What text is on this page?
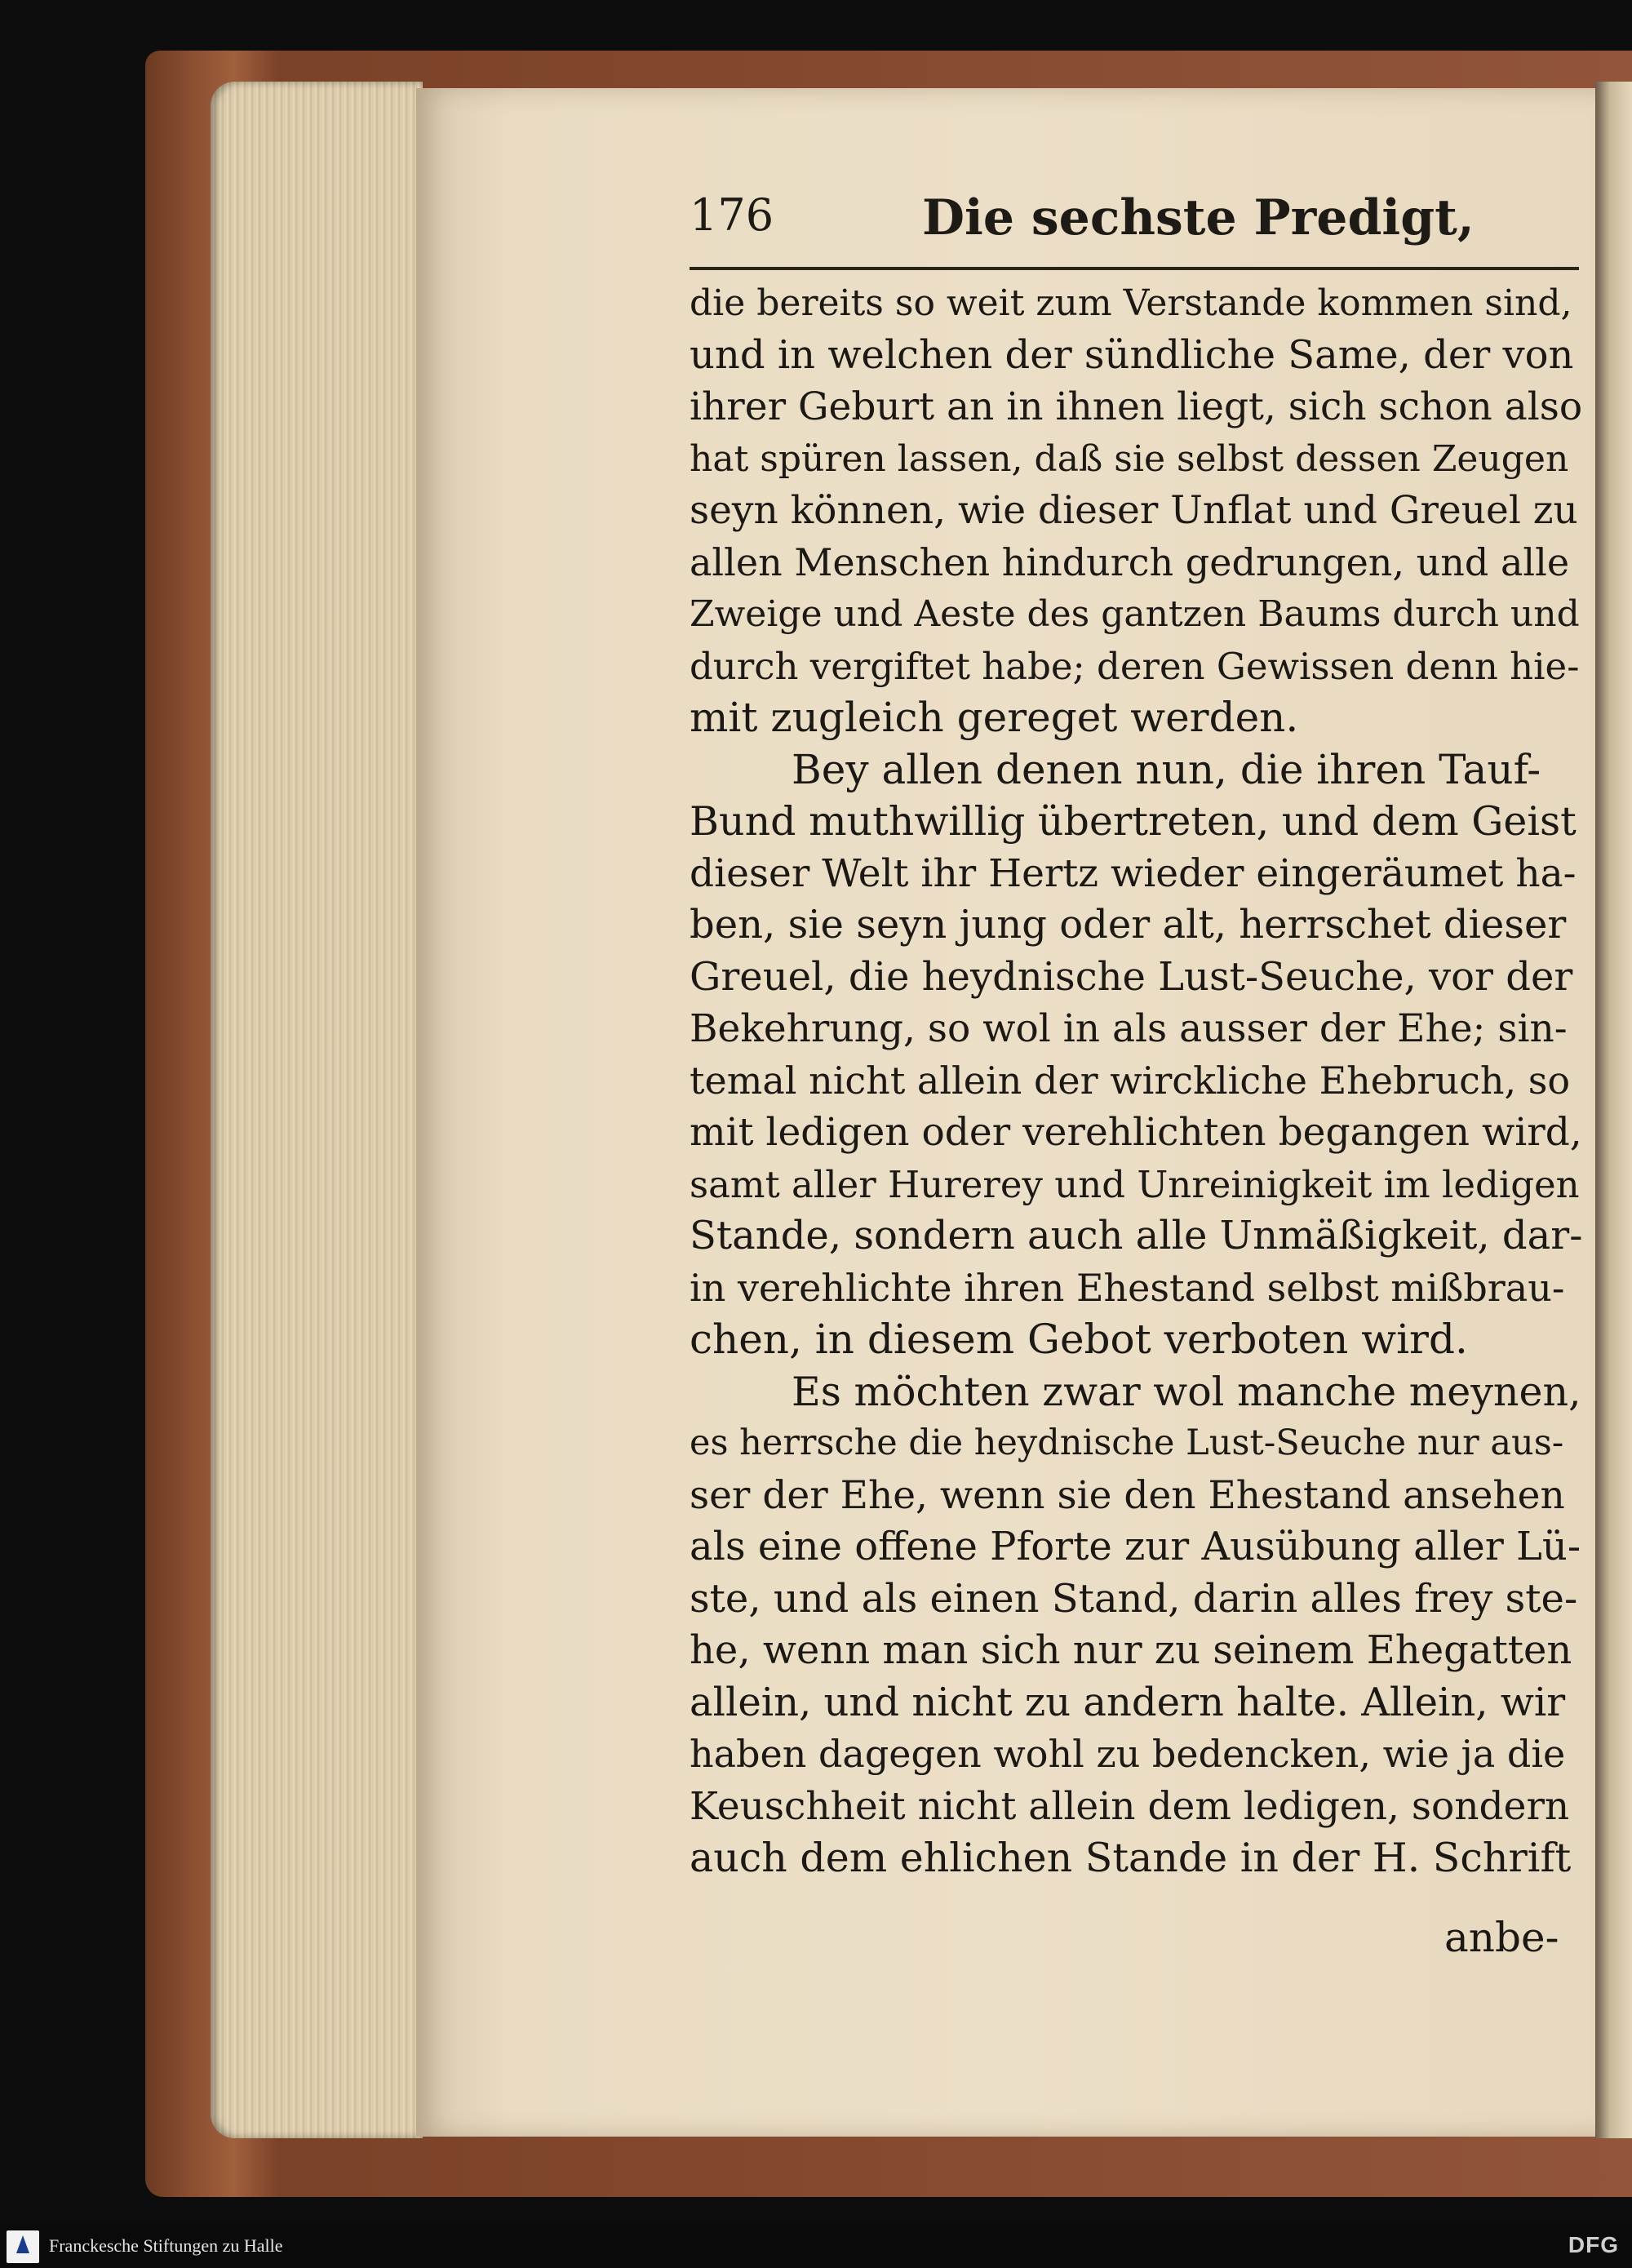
176	Die sechste Predigt,
die bereits so weit zum Verstande kommen sind,
und in welchen der sündliche Same, der von
ihrer Geburt an in ihnen liegt, sich schon also
hat spüren lassen, daß sie selbst dessen Zeugen
seyn können, wie dieser Unflat und Greuel zu
allen Menschen hindurch gedrungen, und alle
Zweige und Aeste des gantzen Baums durch und
durch vergiftet habe; deren Gewissen denn hie-
mit zugleich gereget werden.
Bey allen denen nun, die ihren Tauf-
Bund muthwillig übertreten, und dem Geist
dieser Welt ihr Hertz wieder eingeräumet ha-
ben, sie seyn jung oder alt, herrschet dieser
Greuel, die heydnische Lust-Seuche, vor der
Bekehrung, so wol in als ausser der Ehe; sin-
temal nicht allein der wirckliche Ehebruch, so
mit ledigen oder verehlichten begangen wird,
samt aller Hurerey und Unreinigkeit im ledigen
Stande, sondern auch alle Unmäßigkeit, dar-
in verehlichte ihren Ehestand selbst mißbrau-
chen, in diesem Gebot verboten wird.
Es möchten zwar wol manche meynen,
es herrsche die heydnische Lust-Seuche nur aus-
ser der Ehe, wenn sie den Ehestand ansehen
als eine offene Pforte zur Ausübung aller Lü-
ste, und als einen Stand, darin alles frey ste-
he, wenn man sich nur zu seinem Ehegatten
allein, und nicht zu andern halte. Allein, wir
haben dagegen wohl zu bedencken, wie ja die
Keuschheit nicht allein dem ledigen, sondern
auch dem ehlichen Stande in der H. Schrift
anbe-
Franckesche Stiftungen zu Halle	DFG
